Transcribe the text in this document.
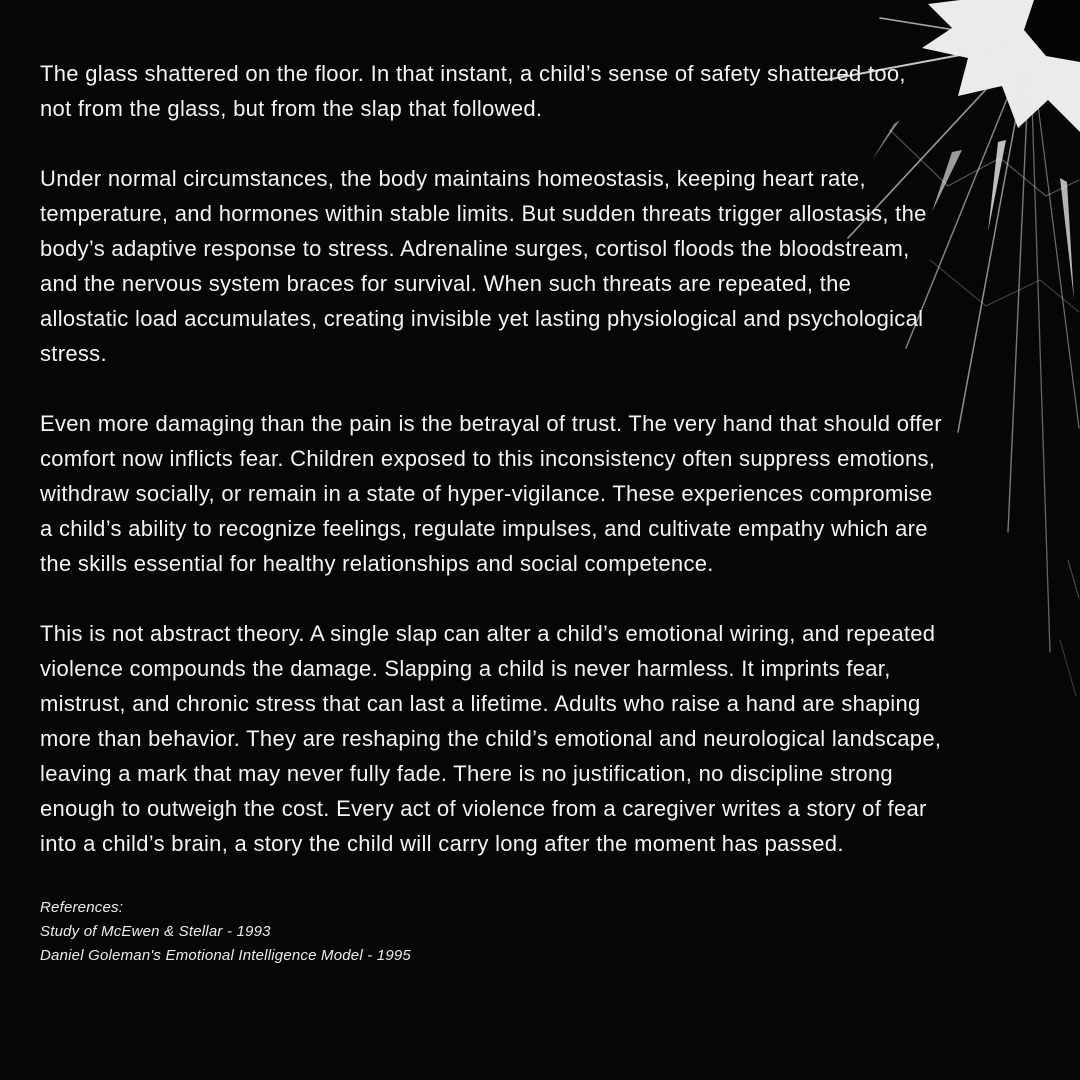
The glass shattered on the floor. In that instant, a child’s sense of safety shattered too, not from the glass, but from the slap that followed.

Under normal circumstances, the body maintains homeostasis, keeping heart rate, temperature, and hormones within stable limits. But sudden threats trigger allostasis, the body’s adaptive response to stress. Adrenaline surges, cortisol floods the bloodstream, and the nervous system braces for survival. When such threats are repeated, the allostatic load accumulates, creating invisible yet lasting physiological and psychological stress.

Even more damaging than the pain is the betrayal of trust. The very hand that should offer comfort now inflicts fear. Children exposed to this inconsistency often suppress emotions, withdraw socially, or remain in a state of hyper-vigilance. These experiences compromise a child’s ability to recognize feelings, regulate impulses, and cultivate empathy which are the skills essential for healthy relationships and social competence.

This is not abstract theory. A single slap can alter a child’s emotional wiring, and repeated violence compounds the damage. Slapping a child is never harmless. It imprints fear, mistrust, and chronic stress that can last a lifetime. Adults who raise a hand are shaping more than behavior. They are reshaping the child’s emotional and neurological landscape, leaving a mark that may never fully fade. There is no justification, no discipline strong enough to outweigh the cost. Every act of violence from a caregiver writes a story of fear into a child’s brain, a story the child will carry long after the moment has passed.

References:
Study of McEwen & Stellar - 1993
Daniel Goleman's Emotional Intelligence Model - 1995
